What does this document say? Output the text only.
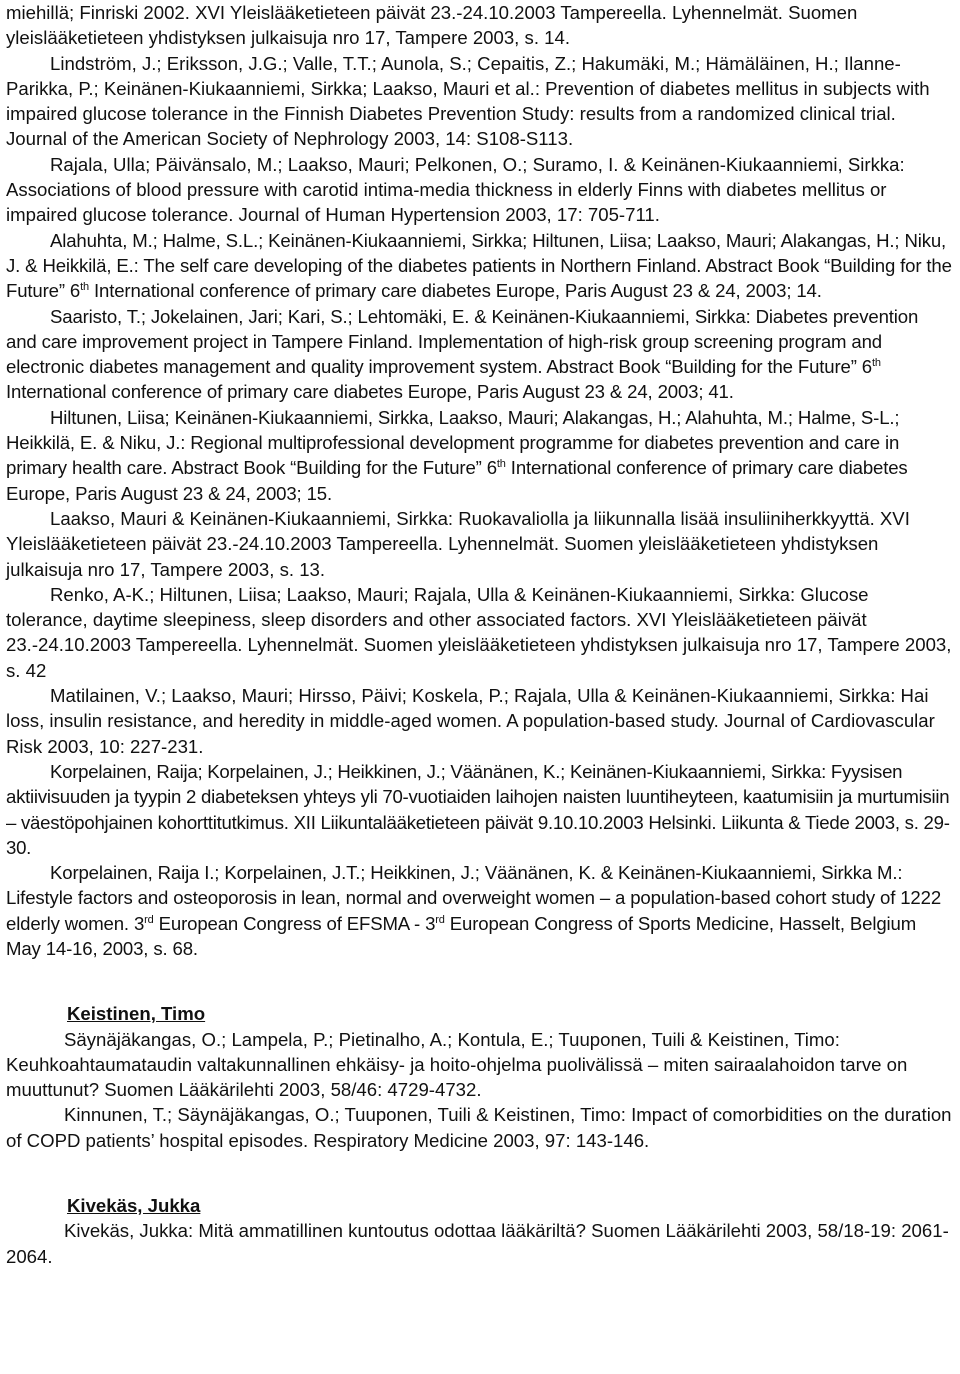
miehillä; Finriski 2002. XVI Yleislääketieteen päivät 23.-24.10.2003 Tampereella. Lyhennelmät. Suomen yleislääketieteen yhdistyksen julkaisuja nro 17, Tampere 2003, s. 14.

Lindström, J.; Eriksson, J.G.; Valle, T.T.; Aunola, S.; Cepaitis, Z.; Hakumäki, M.; Hämäläinen, H.; Ilanne-Parikka, P.; Keinänen-Kiukaanniemi, Sirkka; Laakso, Mauri et al.: Prevention of diabetes mellitus in subjects with impaired glucose tolerance in the Finnish Diabetes Prevention Study: results from a randomized clinical trial. Journal of the American Society of Nephrology 2003, 14: S108-S113.

Rajala, Ulla; Päivänsalo, M.; Laakso, Mauri; Pelkonen, O.; Suramo, I. & Keinänen-Kiukaanniemi, Sirkka: Associations of blood pressure with carotid intima-media thickness in elderly Finns with diabetes mellitus or impaired glucose tolerance. Journal of Human Hypertension 2003, 17: 705-711.

Alahuhta, M.; Halme, S.L.; Keinänen-Kiukaanniemi, Sirkka; Hiltunen, Liisa; Laakso, Mauri; Alakangas, H.; Niku, J. & Heikkilä, E.: The self care developing of the diabetes patients in Northern Finland. Abstract Book “Building for the Future” 6th International conference of primary care diabetes Europe, Paris August 23 & 24, 2003; 14.

Saaristo, T.; Jokelainen, Jari; Kari, S.; Lehtomäki, E. & Keinänen-Kiukaanniemi, Sirkka: Diabetes prevention and care improvement project in Tampere Finland. Implementation of high-risk group screening program and electronic diabetes management and quality improvement system. Abstract Book “Building for the Future” 6th International conference of primary care diabetes Europe, Paris August 23 & 24, 2003; 41.

Hiltunen, Liisa; Keinänen-Kiukaanniemi, Sirkka, Laakso, Mauri; Alakangas, H.; Alahuhta, M.; Halme, S-L.; Heikkilä, E. & Niku, J.: Regional multiprofessional development programme for diabetes prevention and care in primary health care. Abstract Book “Building for the Future” 6th International conference of primary care diabetes Europe, Paris August 23 & 24, 2003; 15.

Laakso, Mauri & Keinänen-Kiukaanniemi, Sirkka: Ruokavaliolla ja liikunnalla lisää insuliiniherkkyyttä. XVI Yleislääketieteen päivät 23.-24.10.2003 Tampereella. Lyhennelmät. Suomen yleislääketieteen yhdistyksen julkaisuja nro 17, Tampere 2003, s. 13.

Renko, A-K.; Hiltunen, Liisa; Laakso, Mauri; Rajala, Ulla & Keinänen-Kiukaanniemi, Sirkka: Glucose tolerance, daytime sleepiness, sleep disorders and other associated factors. XVI Yleislääketieteen päivät 23.-24.10.2003 Tampereella. Lyhennelmät. Suomen yleislääketieteen yhdistyksen julkaisuja nro 17, Tampere 2003, s. 42

Matilainen, V.; Laakso, Mauri; Hirsso, Päivi; Koskela, P.; Rajala, Ulla & Keinänen-Kiukaanniemi, Sirkka: Hai loss, insulin resistance, and heredity in middle-aged women. A population-based study. Journal of Cardiovascular Risk 2003, 10: 227-231.

Korpelainen, Raija; Korpelainen, J.; Heikkinen, J.; Väänänen, K.; Keinänen-Kiukaanniemi, Sirkka: Fyysisen aktiivisuuden ja tyypin 2 diabeteksen yhteys yli 70-vuotiaiden laihojen naisten luuntiheyteen, kaatumisiin ja murtumisiin – väestöpohjainen kohorttitutkimus. XII Liikuntalääketieteen päivät 9.10.10.2003 Helsinki. Liikunta & Tiede 2003, s. 29-30.

Korpelainen, Raija I.; Korpelainen, J.T.; Heikkinen, J.; Väänänen, K. & Keinänen-Kiukaanniemi, Sirkka M.: Lifestyle factors and osteoporosis in lean, normal and overweight women – a population-based cohort study of 1222 elderly women. 3rd European Congress of EFSMA - 3rd European Congress of Sports Medicine, Hasselt, Belgium May 14-16, 2003, s. 68.

Keistinen, Timo

Säynäjäkangas, O.; Lampela, P.; Pietinalho, A.; Kontula, E.; Tuuponen, Tuili & Keistinen, Timo: Keuhkoahtaumataudin valtakunnallinen ehkäisy- ja hoito-ohjelma puolivälissä – miten sairaalahoidon tarve on muuttunut? Suomen Lääkärilehti 2003, 58/46: 4729-4732.

Kinnunen, T.; Säynäjäkangas, O.; Tuuponen, Tuili & Keistinen, Timo: Impact of comorbidities on the duration of COPD patients’ hospital episodes. Respiratory Medicine 2003, 97: 143-146.

Kivekäs, Jukka

Kivekäs, Jukka: Mitä ammatillinen kuntoutus odottaa lääkäriltä? Suomen Lääkärilehti 2003, 58/18-19: 2061-2064.
